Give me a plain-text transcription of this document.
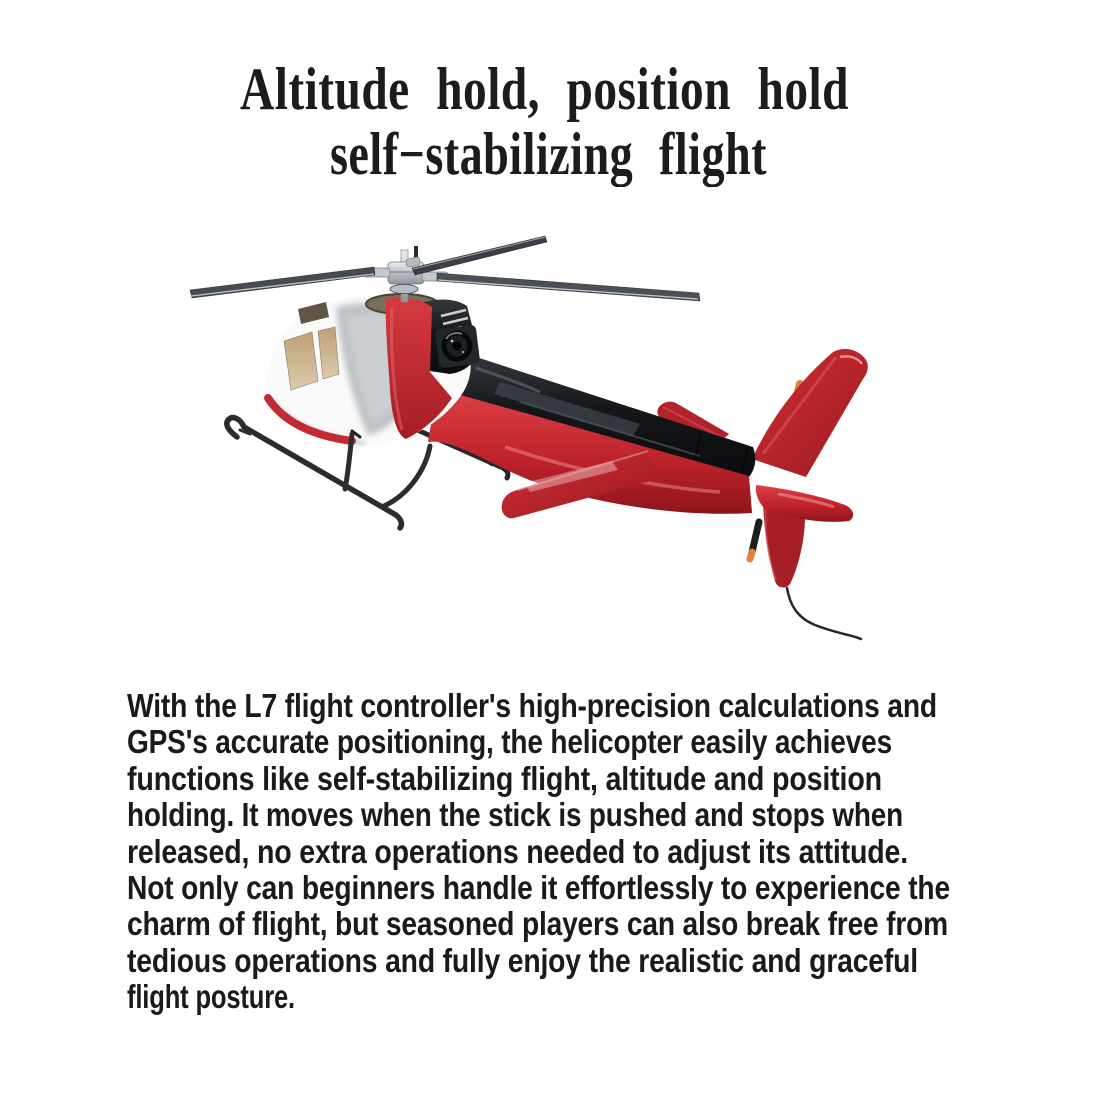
Altitude hold, position hold
self−stabilizing flight
With the L7 flight controller's high-precision calculations and
GPS's accurate positioning, the helicopter easily achieves
functions like self-stabilizing flight, altitude and position
holding. It moves when the stick is pushed and stops when
released, no extra operations needed to adjust its attitude.
Not only can beginners handle it effortlessly to experience the
charm of flight, but seasoned players can also break free from
tedious operations and fully enjoy the realistic and graceful
flight posture.
